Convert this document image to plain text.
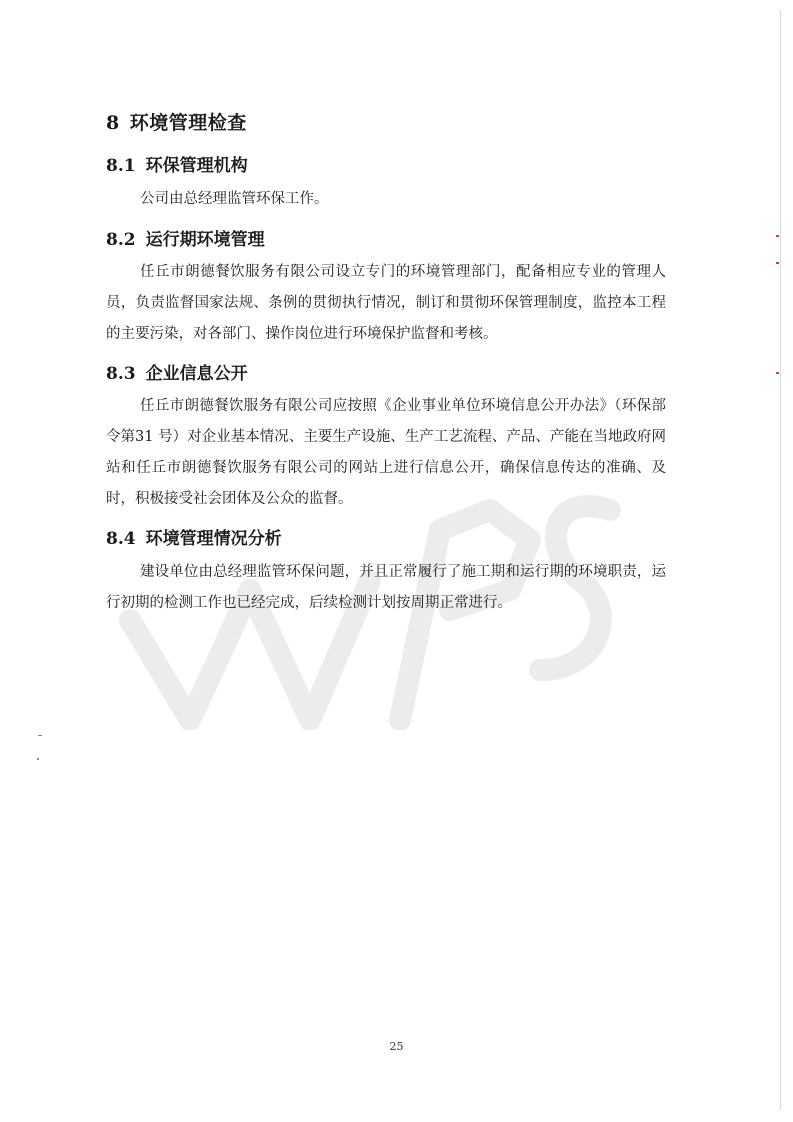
8 环境管理检查
8.1 环保管理机构

公司由总经理监管环保工作。

8.2 运行期环境管理

任丘市朗德餐饮服务有限公司设立专门的环境管理部门，配备相应专业的管理人员，负责监督国家法规、条例的贯彻执行情况，制订和贯彻环保管理制度，监控本工程的主要污染，对各部门、操作岗位进行环境保护监督和考核。

8.3 企业信息公开

任丘市朗德餐饮服务有限公司应按照《企业事业单位环境信息公开办法》（环保部令第31 号）对企业基本情况、主要生产设施、生产工艺流程、产品、产能在当地政府网站和任丘市朗德餐饮服务有限公司的网站上进行信息公开，确保信息传达的准确、及时，积极接受社会团体及公众的监督。

8.4 环境管理情况分析

建设单位由总经理监管环保问题，并且正常履行了施工期和运行期的环境职责，运行初期的检测工作也已经完成，后续检测计划按周期正常进行。

25
